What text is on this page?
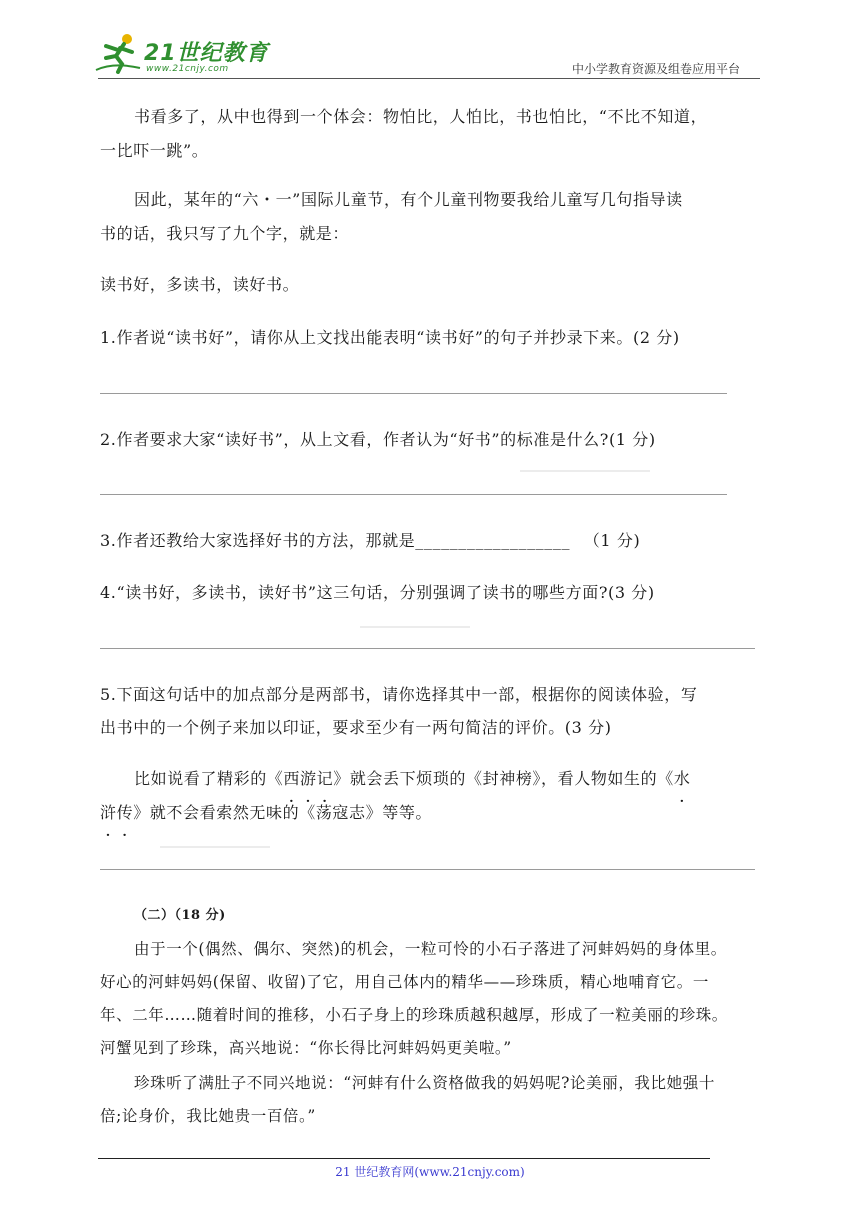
21世纪教育
www.21cnjy.com	中小学教育资源及组卷应用平台
书看多了，从中也得到一个体会：物怕比，人怕比，书也怕比，“不比不知道，
一比吓一跳”。
因此，某年的“六・一”国际儿童节，有个儿童刊物要我给儿童写几句指导读
书的话，我只写了九个字，就是：
读书好，多读书，读好书。
1.作者说“读书好”，请你从上文找出能表明“读书好”的句子并抄录下来。(2 分)
2.作者要求大家“读好书”，从上文看，作者认为“好书”的标准是什么?(1 分)
3.作者还教给大家选择好书的方法，那就是__________________ （1 分)
4.“读书好，多读书，读好书”这三句话，分别强调了读书的哪些方面?(3 分)
5.下面这句话中的加点部分是两部书，请你选择其中一部，根据你的阅读体验，写
出书中的一个例子来加以印证，要求至少有一两句简洁的评价。(3 分)
比如说看了精彩的《西游记》就会丢下烦琐的《封神榜》，看人物如生的《水
浒传》就不会看索然无味的《荡寇志》等等。
（二）（18 分)
由于一个(偶然、偶尔、突然)的机会，一粒可怜的小石子落进了河蚌妈妈的身体里。
好心的河蚌妈妈(保留、收留)了它，用自己体内的精华——珍珠质，精心地哺育它。一
年、二年……随着时间的推移，小石子身上的珍珠质越积越厚，形成了一粒美丽的珍珠。
河蟹见到了珍珠，高兴地说：“你长得比河蚌妈妈更美啦。”
珍珠听了满肚子不同兴地说：“河蚌有什么资格做我的妈妈呢?论美丽，我比她强十
倍;论身价，我比她贵一百倍。”
21 世纪教育网(www.21cnjy.com)
